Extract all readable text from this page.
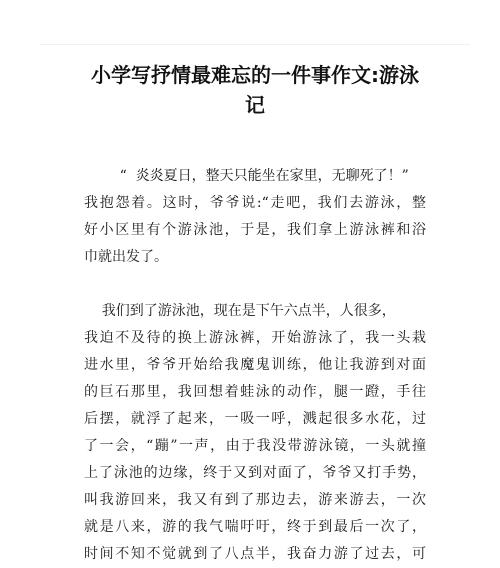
小学写抒情最难忘的一件事作文:游泳
记
“  炎炎夏日，整天只能坐在家里，无聊死了！”
我抱怨着。这时，爷爷说:“走吧，我们去游泳，整
好小区里有个游泳池，于是，我们拿上游泳裤和浴
巾就出发了。
我们到了游泳池，现在是下午六点半，人很多，
我迫不及待的换上游泳裤，开始游泳了，我一头栽
进水里，爷爷开始给我魔鬼训练，他让我游到对面
的巨石那里，我回想着蛙泳的动作，腿一蹬，手往
后摆，就浮了起来，一吸一呼，溅起很多水花，过
了一会，“蹦”一声，由于我没带游泳镜，一头就撞
上了泳池的边缘，终于又到对面了，爷爷又打手势，
叫我游回来，我又有到了那边去，游来游去，一次
就是八来，游的我气喘吁吁，终于到最后一次了，
时间不知不觉就到了八点半，我奋力游了过去，可
